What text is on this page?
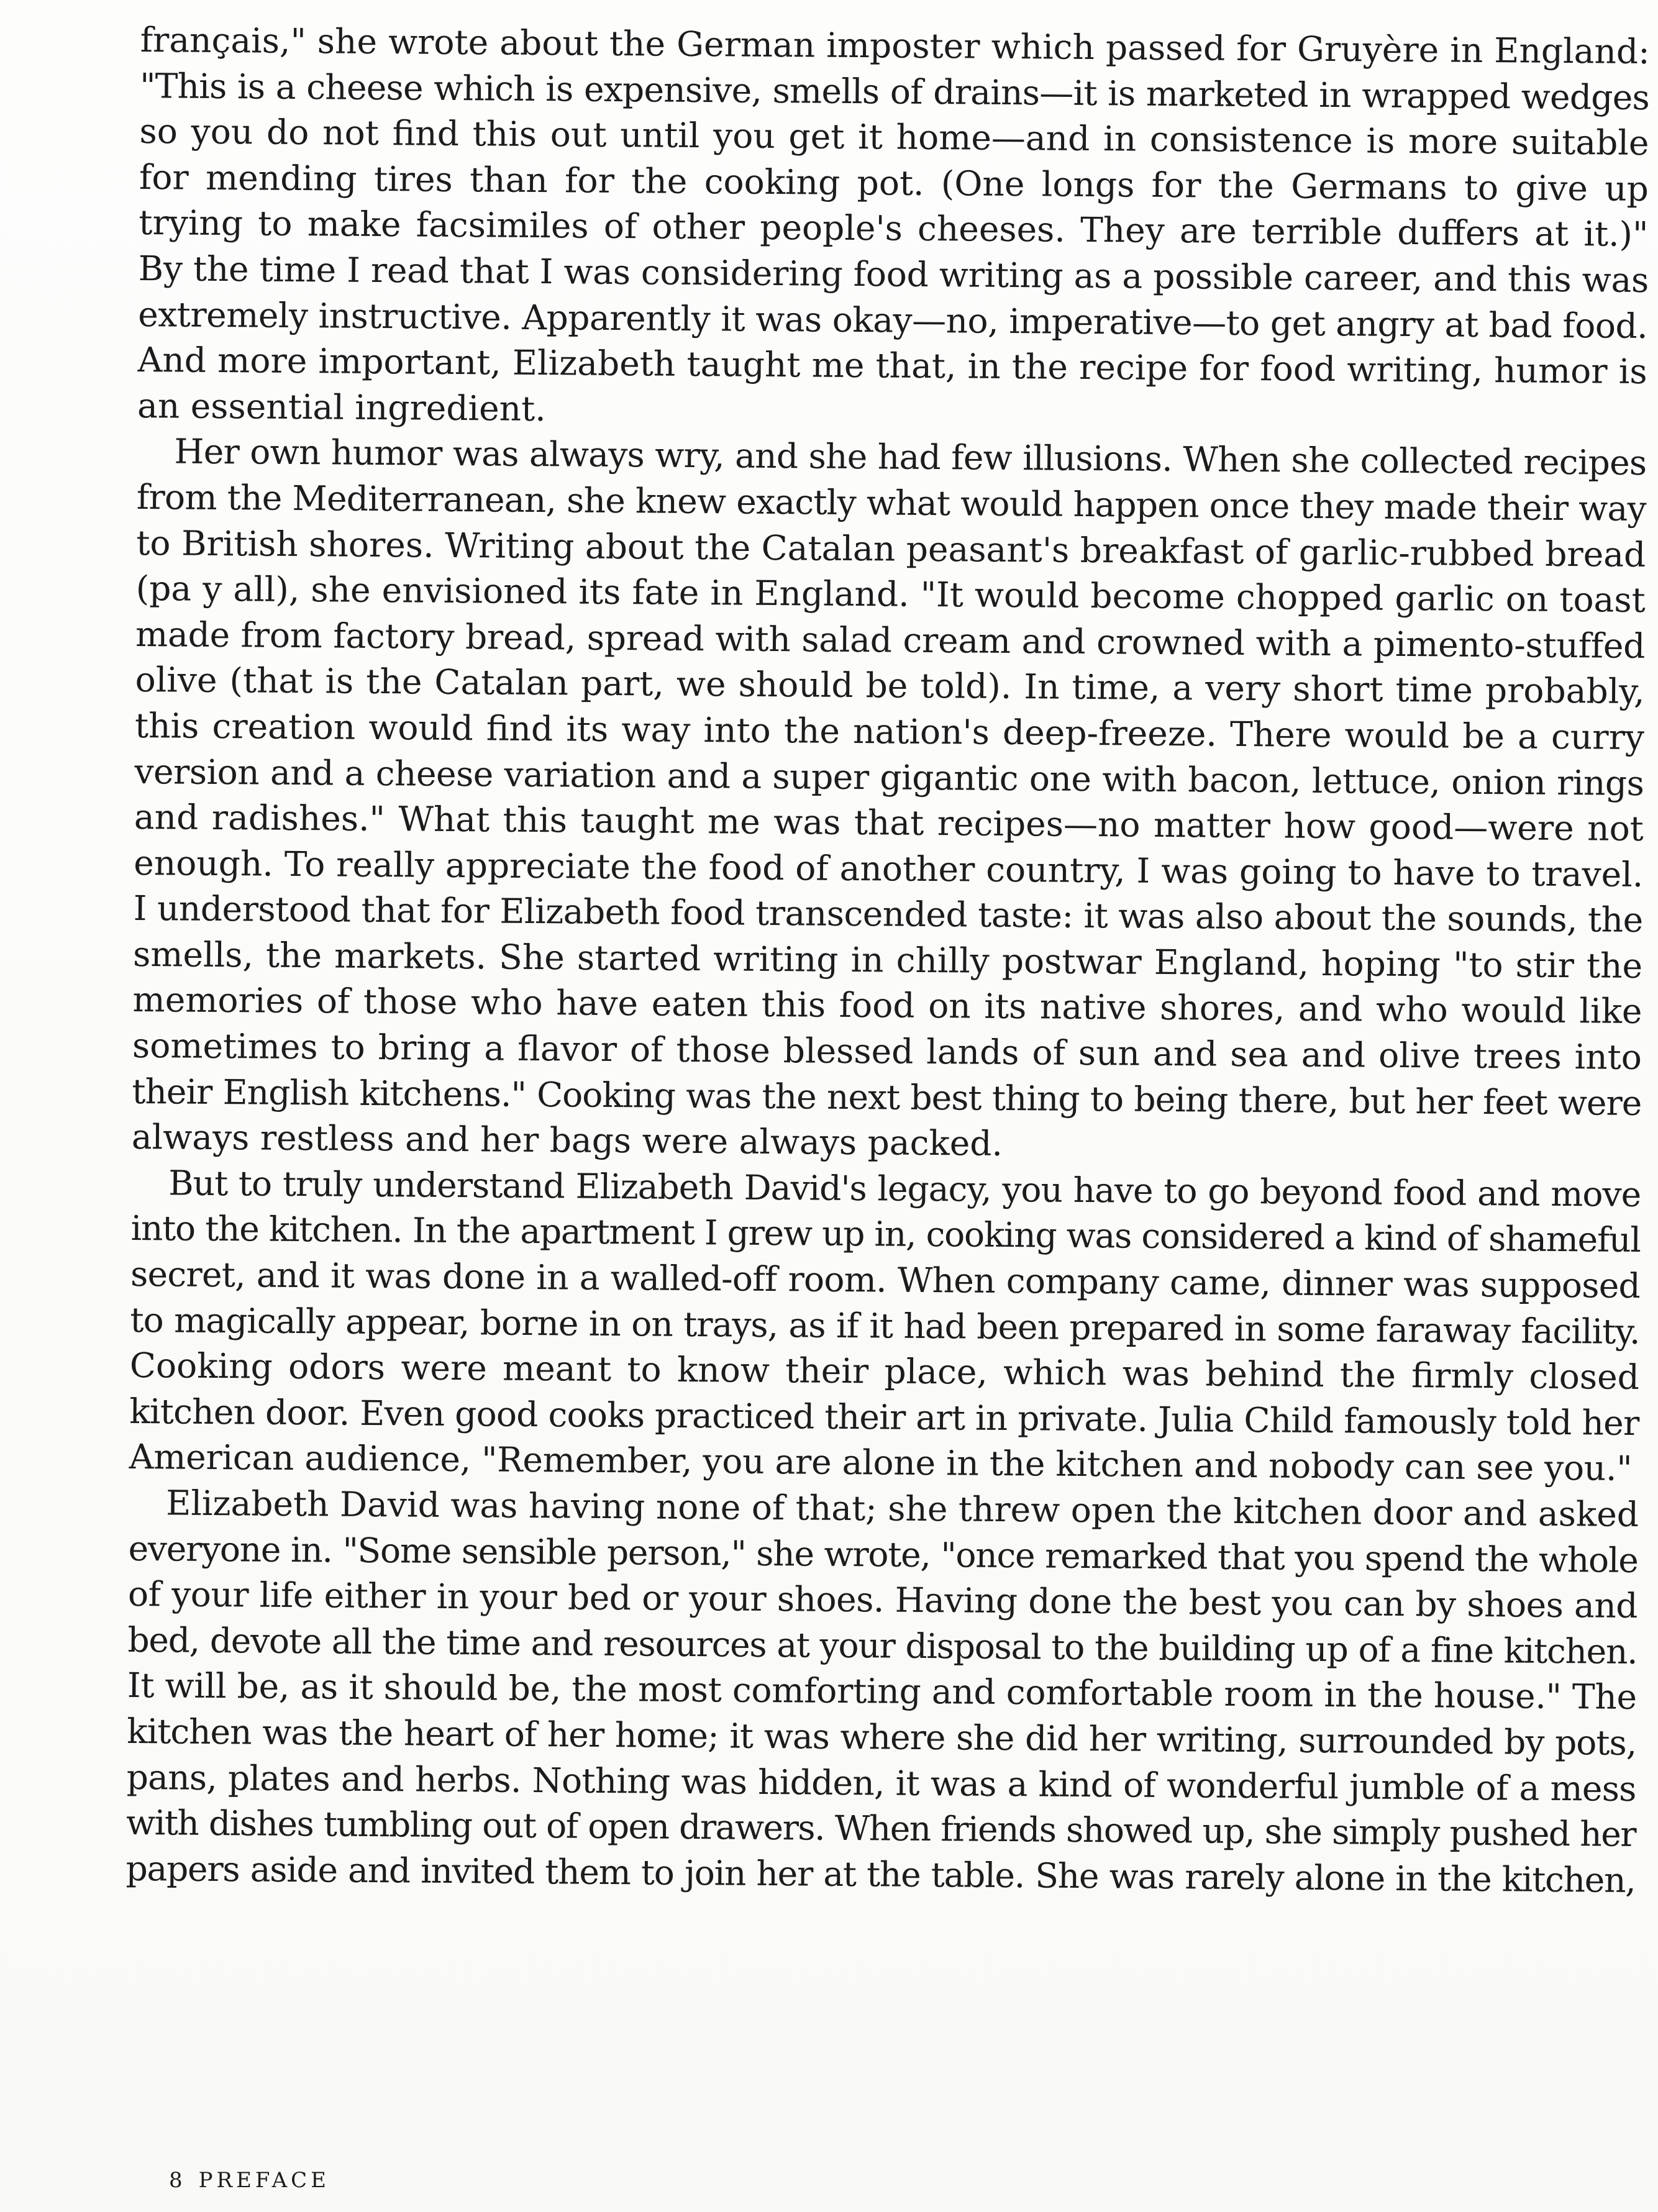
français," she wrote about the German imposter which passed for Gruyère in England:
"This is a cheese which is expensive, smells of drains—it is marketed in wrapped wedges
so you do not find this out until you get it home—and in consistence is more suitable
for mending tires than for the cooking pot. (One longs for the Germans to give up
trying to make facsimiles of other people's cheeses. They are terrible duffers at it.)"
By the time I read that I was considering food writing as a possible career, and this was
extremely instructive. Apparently it was okay—no, imperative—to get angry at bad food.
And more important, Elizabeth taught me that, in the recipe for food writing, humor is
an essential ingredient.
Her own humor was always wry, and she had few illusions. When she collected recipes
from the Mediterranean, she knew exactly what would happen once they made their way
to British shores. Writing about the Catalan peasant's breakfast of garlic-rubbed bread
(pa y all), she envisioned its fate in England. "It would become chopped garlic on toast
made from factory bread, spread with salad cream and crowned with a pimento-stuffed
olive (that is the Catalan part, we should be told). In time, a very short time probably,
this creation would find its way into the nation's deep-freeze. There would be a curry
version and a cheese variation and a super gigantic one with bacon, lettuce, onion rings
and radishes." What this taught me was that recipes—no matter how good—were not
enough. To really appreciate the food of another country, I was going to have to travel.
I understood that for Elizabeth food transcended taste: it was also about the sounds, the
smells, the markets. She started writing in chilly postwar England, hoping "to stir the
memories of those who have eaten this food on its native shores, and who would like
sometimes to bring a flavor of those blessed lands of sun and sea and olive trees into
their English kitchens." Cooking was the next best thing to being there, but her feet were
always restless and her bags were always packed.
But to truly understand Elizabeth David's legacy, you have to go beyond food and move
into the kitchen. In the apartment I grew up in, cooking was considered a kind of shameful
secret, and it was done in a walled-off room. When company came, dinner was supposed
to magically appear, borne in on trays, as if it had been prepared in some faraway facility.
Cooking odors were meant to know their place, which was behind the firmly closed
kitchen door. Even good cooks practiced their art in private. Julia Child famously told her
American audience, "Remember, you are alone in the kitchen and nobody can see you."
Elizabeth David was having none of that; she threw open the kitchen door and asked
everyone in. "Some sensible person," she wrote, "once remarked that you spend the whole
of your life either in your bed or your shoes. Having done the best you can by shoes and
bed, devote all the time and resources at your disposal to the building up of a fine kitchen.
It will be, as it should be, the most comforting and comfortable room in the house." The
kitchen was the heart of her home; it was where she did her writing, surrounded by pots,
pans, plates and herbs. Nothing was hidden, it was a kind of wonderful jumble of a mess
with dishes tumbling out of open drawers. When friends showed up, she simply pushed her
papers aside and invited them to join her at the table. She was rarely alone in the kitchen,
8 PREFACE
